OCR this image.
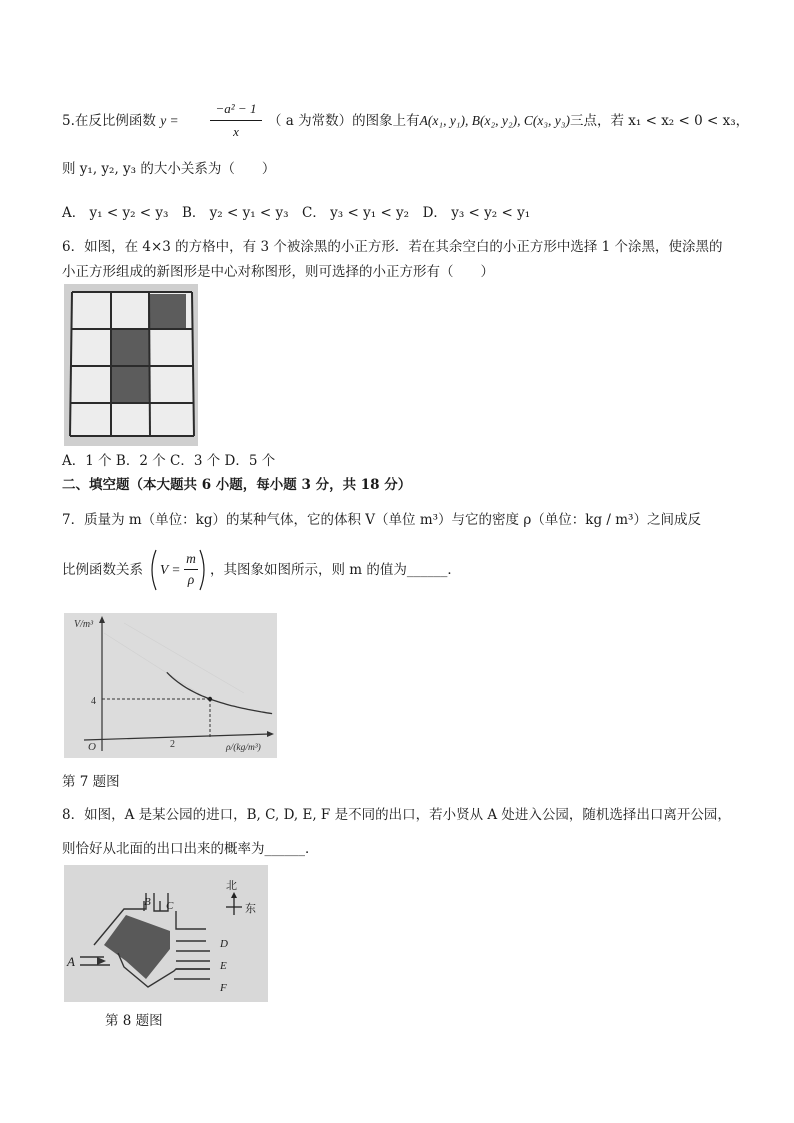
5.在反比例函数 y =
−a² − 1
x
（ a 为常数）的图象上有A(x₁, y₁), B(x₂, y₂), C(x₃, y₃)三点，若 x₁ < x₂ < 0 < x₃，
则 y₁, y₂, y₃ 的大小关系为（　　）
A． y₁ < y₂ < y₃　B． y₂ < y₁ < y₃　C． y₃ < y₁ < y₂　D． y₃ < y₂ < y₁
6．如图，在 4×3 的方格中，有 3 个被涂黑的小正方形．若在其余空白的小正方形中选择 1 个涂黑，使涂黑的
小正方形组成的新图形是中心对称图形，则可选择的小正方形有（　　）
A．1 个 B．2 个 C．3 个 D．5 个
二、填空题（本大题共 6 小题，每小题 3 分，共 18 分）
7．质量为 m（单位：kg）的某种气体，它的体积 V（单位 m³）与它的密度 ρ（单位：kg / m³）之间成反
比例函数关系 V =
m
ρ
，其图象如图所示，则 m 的值为______．
V/m³
ρ/(kg/m³)
O
4
2
第 7 题图
8．如图，A 是某公园的进口，B, C, D, E, F 是不同的出口，若小贤从 A 处进入公园，随机选择出口离开公园，
则恰好从北面的出口出来的概率为______．
A
B C
D
E
F
北
东
第 8 题图
